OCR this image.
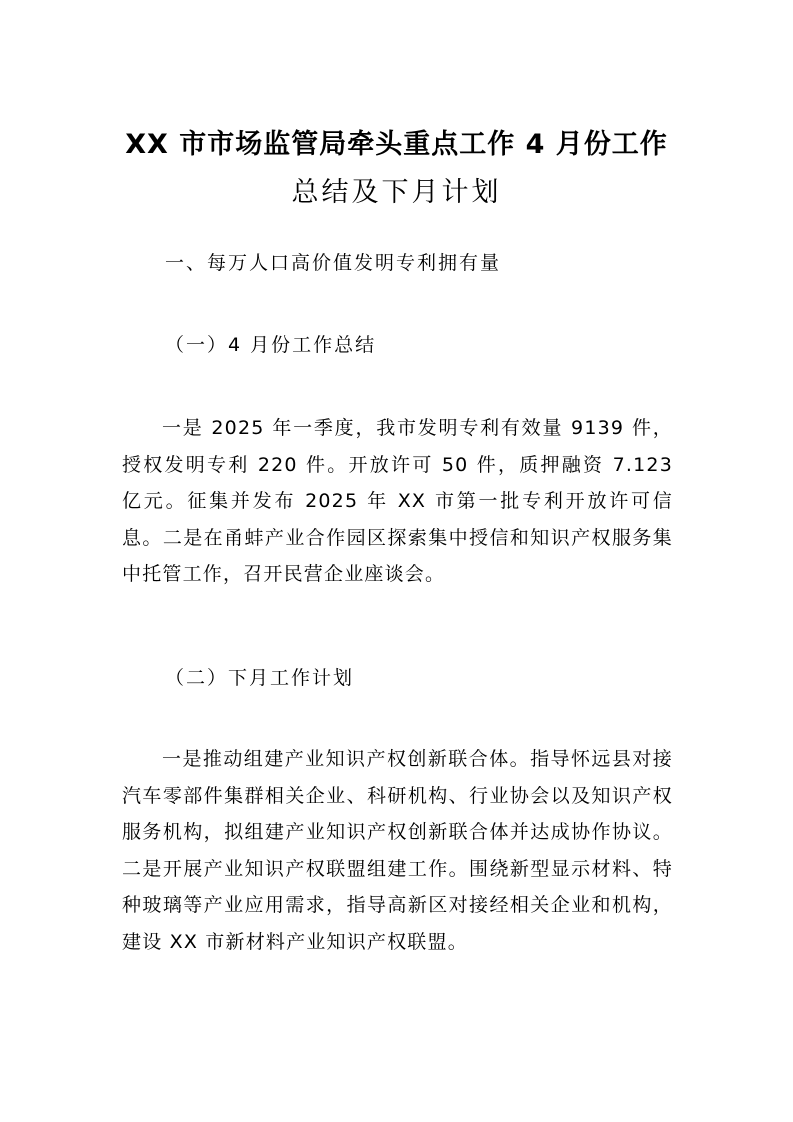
XX 市市场监管局牵头重点工作 4 月份工作
总结及下月计划
一、每万人口高价值发明专利拥有量
（一）4 月份工作总结
一是 2025 年一季度，我市发明专利有效量 9139 件，授权发明专利 220 件。开放许可 50 件，质押融资 7.123 亿元。征集并发布 2025 年 XX 市第一批专利开放许可信息。二是在甬蚌产业合作园区探索集中授信和知识产权服务集中托管工作，召开民营企业座谈会。
（二）下月工作计划
一是推动组建产业知识产权创新联合体。指导怀远县对接汽车零部件集群相关企业、科研机构、行业协会以及知识产权服务机构，拟组建产业知识产权创新联合体并达成协作协议。二是开展产业知识产权联盟组建工作。围绕新型显示材料、特种玻璃等产业应用需求，指导高新区对接经相关企业和机构，建设 XX 市新材料产业知识产权联盟。
